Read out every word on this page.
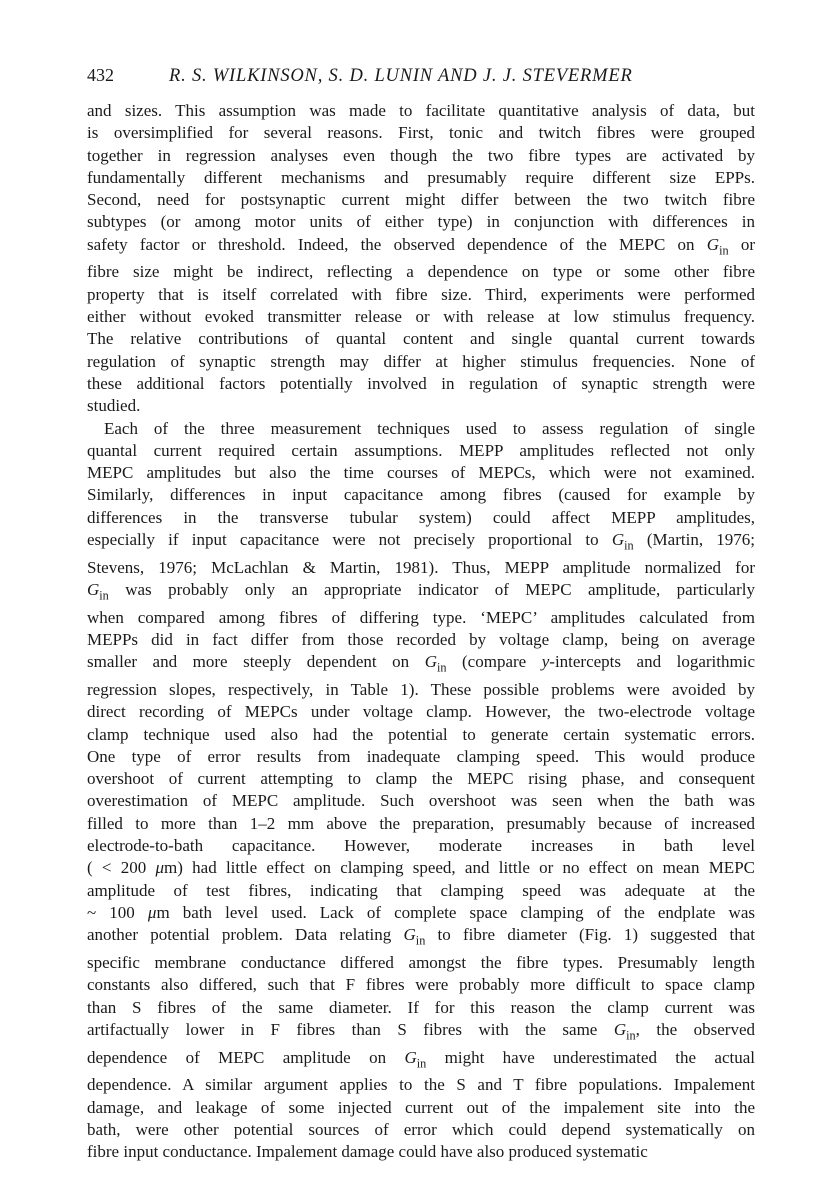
432	R. S. WILKINSON, S. D. LUNIN AND J. J. STEVERMER

and sizes. This assumption was made to facilitate quantitative analysis of data, but
is oversimplified for several reasons. First, tonic and twitch fibres were grouped
together in regression analyses even though the two fibre types are activated by
fundamentally different mechanisms and presumably require different size EPPs.
Second, need for postsynaptic current might differ between the two twitch fibre
subtypes (or among motor units of either type) in conjunction with differences in
safety factor or threshold. Indeed, the observed dependence of the MEPC on $G_{in}$ or
fibre size might be indirect, reflecting a dependence on type or some other fibre
property that is itself correlated with fibre size. Third, experiments were performed
either without evoked transmitter release or with release at low stimulus frequency.
The relative contributions of quantal content and single quantal current towards
regulation of synaptic strength may differ at higher stimulus frequencies. None of
these additional factors potentially involved in regulation of synaptic strength were
studied.

Each of the three measurement techniques used to assess regulation of single
quantal current required certain assumptions. MEPP amplitudes reflected not only
MEPC amplitudes but also the time courses of MEPCs, which were not examined.
Similarly, differences in input capacitance among fibres (caused for example by
differences in the transverse tubular system) could affect MEPP amplitudes,
especially if input capacitance were not precisely proportional to $G_{in}$ (Martin, 1976;
Stevens, 1976; McLachlan & Martin, 1981). Thus, MEPP amplitude normalized for
$G_{in}$ was probably only an appropriate indicator of MEPC amplitude, particularly
when compared among fibres of differing type. ‘MEPC’ amplitudes calculated from
MEPPs did in fact differ from those recorded by voltage clamp, being on average
smaller and more steeply dependent on $G_{in}$ (compare y-intercepts and logarithmic
regression slopes, respectively, in Table 1). These possible problems were avoided by
direct recording of MEPCs under voltage clamp. However, the two-electrode voltage
clamp technique used also had the potential to generate certain systematic errors.
One type of error results from inadequate clamping speed. This would produce
overshoot of current attempting to clamp the MEPC rising phase, and consequent
overestimation of MEPC amplitude. Such overshoot was seen when the bath was
filled to more than 1–2 mm above the preparation, presumably because of increased
electrode-to-bath capacitance. However, moderate increases in bath level
( < 200 μm) had little effect on clamping speed, and little or no effect on mean MEPC
amplitude of test fibres, indicating that clamping speed was adequate at the
~ 100 μm bath level used. Lack of complete space clamping of the endplate was
another potential problem. Data relating $G_{in}$ to fibre diameter (Fig. 1) suggested that
specific membrane conductance differed amongst the fibre types. Presumably length
constants also differed, such that F fibres were probably more difficult to space clamp
than S fibres of the same diameter. If for this reason the clamp current was
artifactually lower in F fibres than S fibres with the same $G_{in}$, the observed
dependence of MEPC amplitude on $G_{in}$ might have underestimated the actual
dependence. A similar argument applies to the S and T fibre populations. Impalement
damage, and leakage of some injected current out of the impalement site into the
bath, were other potential sources of error which could depend systematically on
fibre input conductance. Impalement damage could have also produced systematic
